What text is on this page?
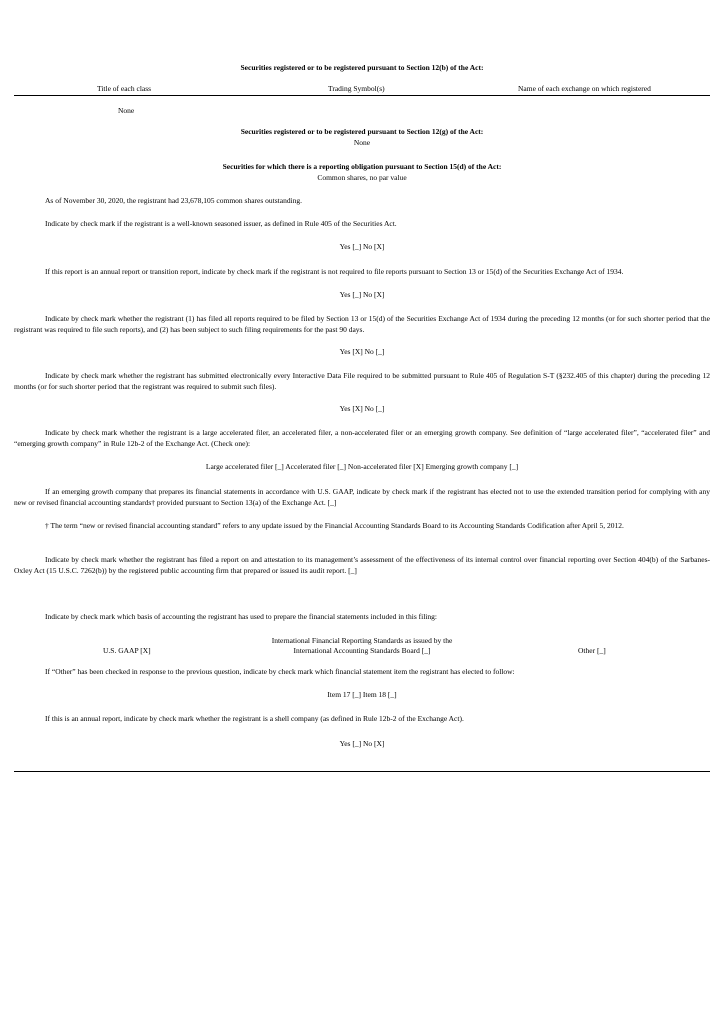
Securities registered or to be registered pursuant to Section 12(b) of the Act:
Title of each class	Trading Symbol(s)	Name of each exchange on which registered
None
Securities registered or to be registered pursuant to Section 12(g) of the Act:
None
Securities for which there is a reporting obligation pursuant to Section 15(d) of the Act:
Common shares, no par value
As of November 30, 2020, the registrant had 23,678,105 common shares outstanding.
Indicate by check mark if the registrant is a well-known seasoned issuer, as defined in Rule 405 of the Securities Act.
Yes [_] No [X]
If this report is an annual report or transition report, indicate by check mark if the registrant is not required to file reports pursuant to Section 13 or 15(d) of the Securities Exchange Act of 1934.
Yes [_] No [X]
Indicate by check mark whether the registrant (1) has filed all reports required to be filed by Section 13 or 15(d) of the Securities Exchange Act of 1934 during the preceding 12 months (or for such shorter period that the registrant was required to file such reports), and (2) has been subject to such filing requirements for the past 90 days.
Yes [X] No [_]
Indicate by check mark whether the registrant has submitted electronically every Interactive Data File required to be submitted pursuant to Rule 405 of Regulation S-T (§232.405 of this chapter) during the preceding 12 months (or for such shorter period that the registrant was required to submit such files).
Yes [X] No [_]
Indicate by check mark whether the registrant is a large accelerated filer, an accelerated filer, a non-accelerated filer or an emerging growth company. See definition of “large accelerated filer”, “accelerated filer” and “emerging growth company” in Rule 12b-2 of the Exchange Act. (Check one):
Large accelerated filer [_] Accelerated filer [_] Non-accelerated filer [X] Emerging growth company [_]
If an emerging growth company that prepares its financial statements in accordance with U.S. GAAP, indicate by check mark if the registrant has elected not to use the extended transition period for complying with any new or revised financial accounting standards† provided pursuant to Section 13(a) of the Exchange Act. [_]
† The term “new or revised financial accounting standard” refers to any update issued by the Financial Accounting Standards Board to its Accounting Standards Codification after April 5, 2012.
Indicate by check mark whether the registrant has filed a report on and attestation to its management’s assessment of the effectiveness of its internal control over financial reporting over Section 404(b) of the Sarbanes-Oxley Act (15 U.S.C. 7262(b)) by the registered public accounting firm that prepared or issued its audit report. [_]
Indicate by check mark which basis of accounting the registrant has used to prepare the financial statements included in this filing:
International Financial Reporting Standards as issued by the
U.S. GAAP [X]	International Accounting Standards Board [_]	Other [_]
If “Other” has been checked in response to the previous question, indicate by check mark which financial statement item the registrant has elected to follow:
Item 17 [_] Item 18 [_]
If this is an annual report, indicate by check mark whether the registrant is a shell company (as defined in Rule 12b-2 of the Exchange Act).
Yes [_] No [X]
